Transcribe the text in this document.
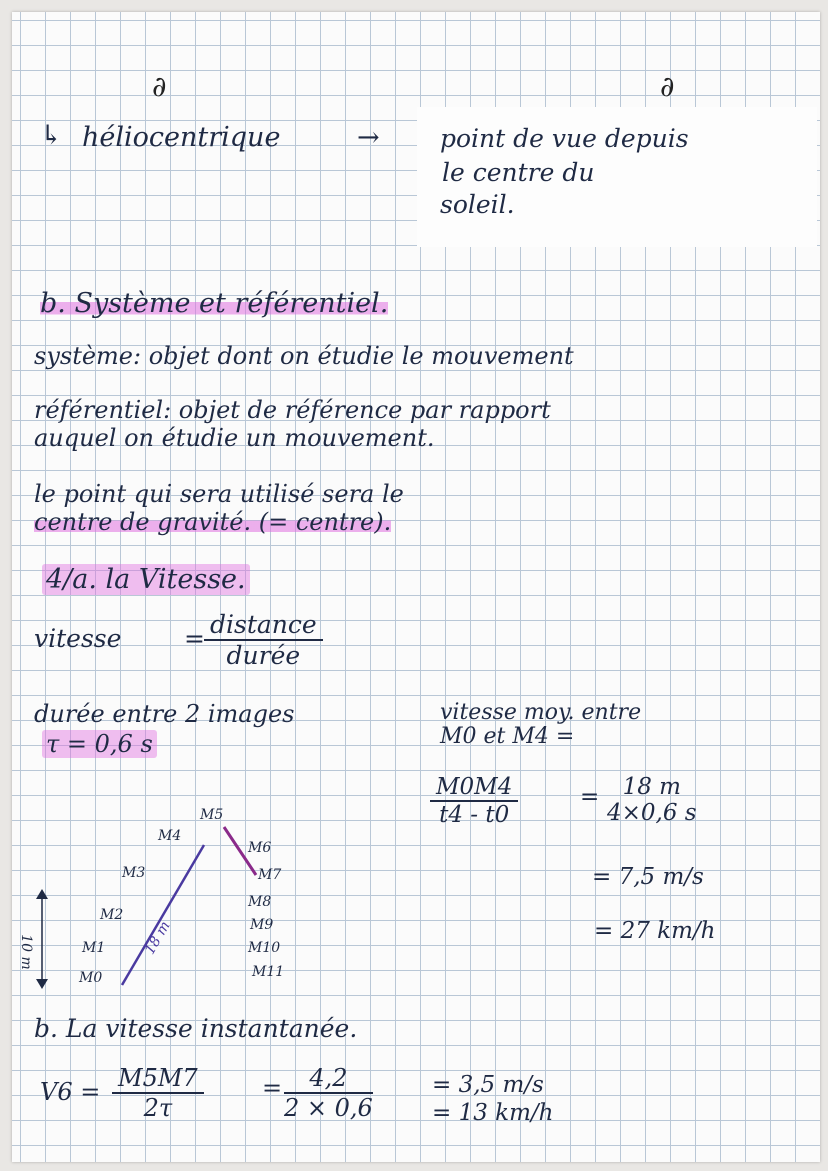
∂	∂
↳ héliocentrique	→ point de vue depuis
le centre du
soleil.
b. Système et référentiel.
système: objet dont on étudie le mouvement
référentiel: objet de référence par rapport
auquel on étudie un mouvement.
le point qui sera utilisé sera le
centre de gravité. (= centre).
4/a. la Vitesse.
vitesse	= distance
durée
durée entre 2 images
τ = 0,6 s
vitesse moy. entre
M0 et M4 =
$\frac{M0M4}{t4 - t0}$	=	18 m
4×0,6 s
= 7,5 m/s
= 27 km/h
M0
M1
M2
M3
M4
M5
M6
M7
M8
M9
M10
M11
18 m
10 m
b. La vitesse instantanée.
$V6 = \frac{M5M7}{2\tau} = \frac{4,2}{2 \times 0,6}$	= 3,5 m/s
= 13 km/h
